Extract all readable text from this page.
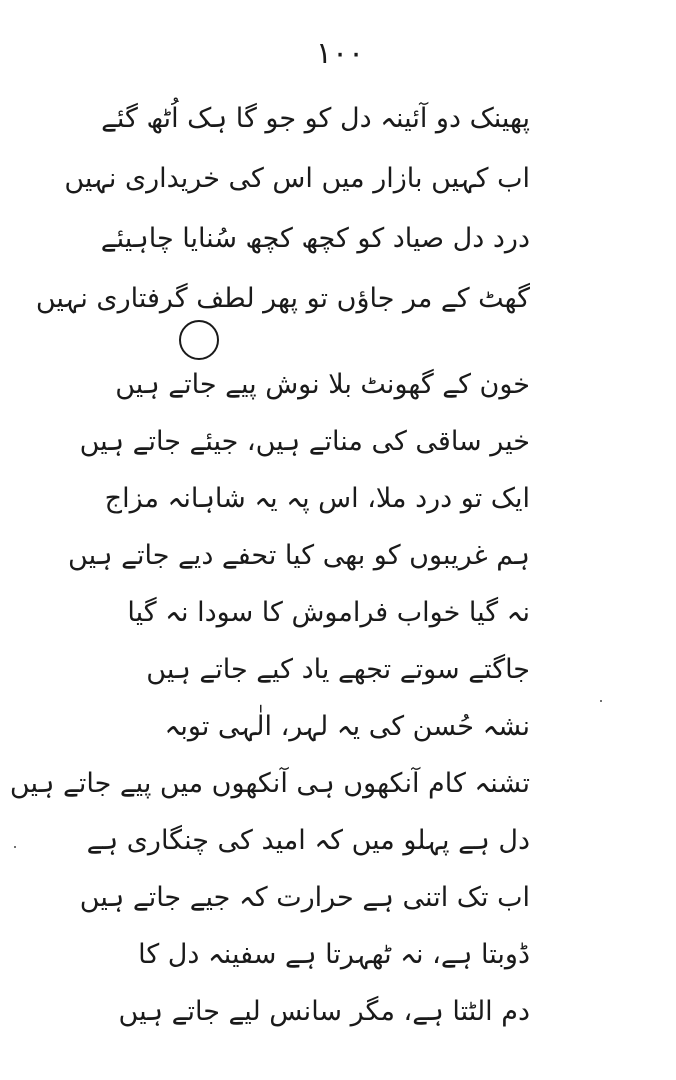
۱۰۰
پھینک دو آئینہ دل کو جو گا ہک اُٹھ گئے
اب کہیں بازار میں اس کی خریداری نہیں
درد دل صیاد کو کچھ کچھ سُنایا چاہیئے
گھٹ کے مر جاؤں تو پھر لطف گرفتاری نہیں
خون کے گھونٹ بلا نوش پیے جاتے ہیں
خیر ساقی کی مناتے ہیں، جیئے جاتے ہیں
ایک تو درد ملا، اس پہ یہ شاہانہ مزاج
ہم غریبوں کو بھی کیا تحفے دیے جاتے ہیں
نہ گیا خواب فراموش کا سودا نہ گیا
جاگتے سوتے تجھے یاد کیے جاتے ہیں
نشہ حُسن کی یہ لہر، الٰہی توبہ
تشنہ کام آنکھوں ہی آنکھوں میں پیے جاتے ہیں
دل ہے پہلو میں کہ امید کی چنگاری ہے
اب تک اتنی ہے حرارت کہ جیے جاتے ہیں
ڈوبتا ہے، نہ ٹھہرتا ہے سفینہ دل کا
دم الٹتا ہے، مگر سانس لیے جاتے ہیں
